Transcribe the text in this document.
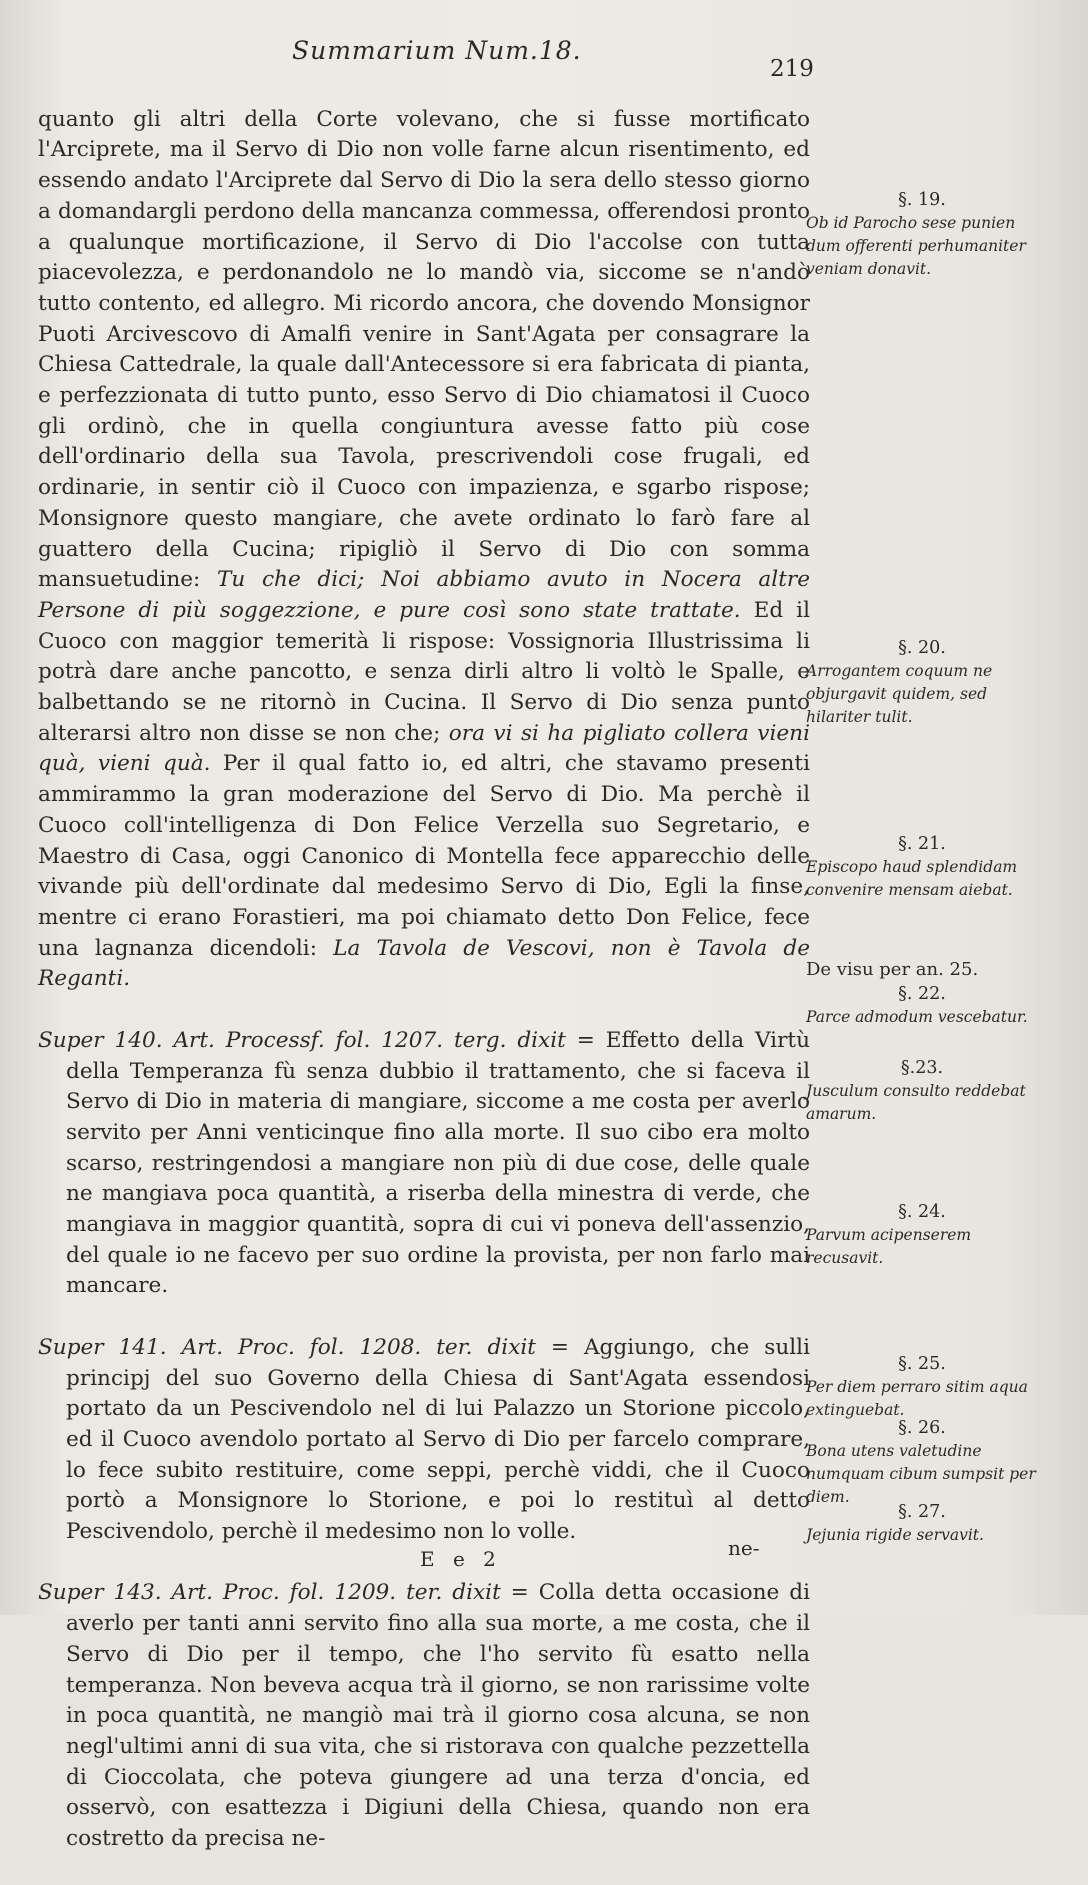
Summarium Num.18.
219

quanto gli altri della Corte volevano, che si fusse mortificato l'Arciprete, ma il Servo di Dio non volle farne alcun risentimento, ed essendo andato l'Arciprete dal Servo di Dio la sera dello stesso giorno a domandargli perdono della mancanza commessa, offerendosi pronto a qualunque mortificazione, il Servo di Dio l'accolse con tutta piacevolezza, e perdonandolo ne lo mandò via, siccome se n'andò tutto contento, ed allegro. Mi ricordo ancora, che dovendo Monsignor Puoti Arcivescovo di Amalfi venire in Sant'Agata per consagrare la Chiesa Cattedrale, la quale dall'Antecessore si era fabricata di pianta, e perfezzionata di tutto punto, esso Servo di Dio chiamatosi il Cuoco gli ordinò, che in quella congiuntura avesse fatto più cose dell'ordinario della sua Tavola, prescrivendoli cose frugali, ed ordinarie, in sentir ciò il Cuoco con impazienza, e sgarbo rispose; Monsignore questo mangiare, che avete ordinato lo farò fare al guattero della Cucina; ripigliò il Servo di Dio con somma mansuetudine: Tu che dici; Noi abbiamo avuto in Nocera altre Persone di più soggezzione, e pure così sono state trattate. Ed il Cuoco con maggior temerità li rispose: Vossignoria Illustrissima li potrà dare anche pancotto, e senza dirli altro li voltò le Spalle, e balbettando se ne ritornò in Cucina. Il Servo di Dio senza punto alterarsi altro non disse se non che; ora vi si ha pigliato collera vieni quà, vieni quà. Per il qual fatto io, ed altri, che stavamo presenti ammirammo la gran moderazione del Servo di Dio. Ma perchè il Cuoco coll'intelligenza di Don Felice Verzella suo Segretario, e Maestro di Casa, oggi Canonico di Montella fece apparecchio delle vivande più dell'ordinate dal medesimo Servo di Dio, Egli la finse, mentre ci erano Forastieri, ma poi chiamato detto Don Felice, fece una lagnanza dicendoli: La Tavola de Vescovi, non è Tavola de Reganti.

Super 140. Art. Processf. fol. 1207. terg. dixit = Effetto della Virtù della Temperanza fù senza dubbio il trattamento, che si faceva il Servo di Dio in materia di mangiare, siccome a me costa per averlo servito per Anni venticinque fino alla morte. Il suo cibo era molto scarso, restringendosi a mangiare non più di due cose, delle quale ne mangiava poca quantità, a riserba della minestra di verde, che mangiava in maggior quantità, sopra di cui vi poneva dell'assenzio, del quale io ne facevo per suo ordine la provista, per non farlo mai mancare.

Super 141. Art. Proc. fol. 1208. ter. dixit = Aggiungo, che sulli principj del suo Governo della Chiesa di Sant'Agata essendosi portato da un Pescivendolo nel di lui Palazzo un Storione piccolo, ed il Cuoco avendolo portato al Servo di Dio per farcelo comprare, lo fece subito restituire, come seppi, perchè viddi, che il Cuoco portò a Monsignore lo Storione, e poi lo restituì al detto Pescivendolo, perchè il medesimo non lo volle.

Super 143. Art. Proc. fol. 1209. ter. dixit = Colla detta occasione di averlo per tanti anni servito fino alla sua morte, a me costa, che il Servo di Dio per il tempo, che l'ho servito fù esatto nella temperanza. Non beveva acqua trà il giorno, se non rarissime volte in poca quantità, ne mangiò mai trà il giorno cosa alcuna, se non negl'ultimi anni di sua vita, che si ristorava con qualche pezzettella di Cioccolata, che poteva giungere ad una terza d'oncia, ed osservò, con esattezza i Digiuni della Chiesa, quando non era costretto da precisa ne-

§. 19.
Ob id Parocho sese punien dum offerenti perhumaniter veniam donavit.
§. 20.
Arrogantem coquum ne objurgavit quidem, sed hilariter tulit.
§. 21.
Episcopo haud splendidam convenire mensam aiebat.
De visu per an. 25.
§. 22.
Parce admodum vescebatur.
§.23.
Jusculum consulto reddebat amarum.
§. 24.
Parvum acipenserem recusavit.
§. 25.
Per diem perraro sitim aqua extinguebat.
§. 26.
Bona utens valetudine numquam cibum sumpsit per diem.
§. 27.
Jejunia rigide servavit.
E e 2	ne-
